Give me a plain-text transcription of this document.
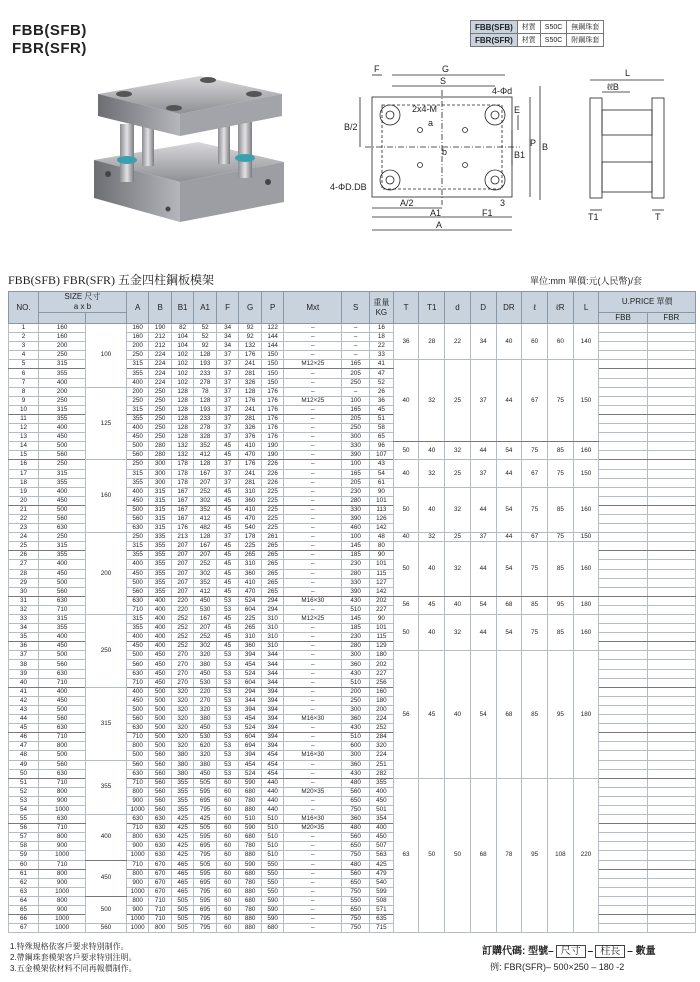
FBB(SFB)
FBR(SFR)
FBB(SFB)	材質	S50C	無鋼珠套
FBR(SFR)	材質	S50C	附鋼珠套
F	G
S
4-Φd
2x4-M
a
E
B/2
b	B1
P B
4-ΦD.DB
A/2
A1	F1
3
A
L
ℓℓB
T1	T
FBB(SFB) FBR(SFR) 五金四柱鋼板模架	單位:mm 單價:元(人民幣)/套
NO.	SIZE 尺寸
a x b		A	B	B1	A1	F	G	P	Mxt	S	重量
KG	T	T1	d	D	DR	ℓ	ℓR	L	U.PRICE 單價	
																					FBB	FBR
1	160	100	160	190	82	52	34	92	122	–	–	16	36	28	22	34	40	60	60	140		
2	160		160	212	104	52	34	92	144	–	–	18										
3	200		200	212	104	92	34	132	144	–	–	22										
4	250		250	224	102	128	37	176	150	–	–	33										
5	315		315	224	102	193	37	241	150	M12×25	165	41	40	32	25	37	44	67	75	150		
6	355		355	224	102	233	37	281	150	–	205	47										
7	400		400	224	102	278	37	326	150	–	250	52										
8	200	125	200	250	128	78	37	128	176	–	–	26										
9	250		250	250	128	128	37	176	176	M12×25	100	36										
10	315		315	250	128	193	37	241	176	–	165	45										
11	355		355	250	128	233	37	281	176	–	205	51										
12	400		400	250	128	278	37	326	176	–	250	58										
13	450		450	250	128	328	37	376	176	–	300	65										
14	500		500	280	132	352	45	410	190	–	330	96	50	40	32	44	54	75	85	160		
15	560		560	280	132	412	45	470	190	–	390	107										
16	250	160	250	300	178	128	37	176	226	–	100	43	40	32	25	37	44	67	75	150		
17	315		315	300	178	167	37	241	226	–	165	54										
18	355		355	300	178	207	37	281	226	–	205	61										
19	400		400	315	167	252	45	310	225	–	230	90	50	40	32	44	54	75	85	160		
20	450		450	315	167	302	45	360	225	–	280	101										
21	500		500	315	167	352	45	410	225	–	330	113										
22	560		560	315	167	412	45	470	225	–	390	126										
23	630		630	315	176	482	45	540	225	–	460	142										
24	250	200	250	335	213	128	37	178	261	–	100	48	40	32	25	37	44	67	75	150		
25	315		315	355	207	167	45	225	265	–	145	80	50	40	32	44	54	75	85	160		
26	355		355	355	207	207	45	265	265	–	185	90										
27	400		400	355	207	252	45	310	265	–	230	101										
28	450		450	355	207	302	45	360	265	–	280	115										
29	500		500	355	207	352	45	410	265	–	330	127										
30	560		560	355	207	412	45	470	265	–	390	142										
31	630		630	400	220	450	53	524	294	M16×30	430	202	56	45	40	54	68	85	95	180		
32	710		710	400	220	530	53	604	294	–	510	227										
33	315	250	315	400	252	167	45	225	310	M12×25	145	90	50	40	32	44	54	75	85	160		
34	355		355	400	252	207	45	265	310	–	185	101										
35	400		400	400	252	252	45	310	310	–	230	115										
36	450		450	400	252	302	45	360	310	–	280	129										
37	500		500	450	270	320	53	394	344	–	300	180	56	45	40	54	68	85	95	180		
38	560		560	450	270	380	53	454	344	–	360	202										
39	630		630	450	270	450	53	524	344	–	430	227										
40	710		710	450	270	530	53	604	344	–	510	256										
41	400	315	400	500	320	220	53	294	394	–	200	160										
42	450		450	500	320	270	53	344	394	–	250	180										
43	500		500	500	320	320	53	394	394	–	300	200										
44	560		560	500	320	380	53	454	394	M16×30	360	224										
45	630		630	500	320	450	53	524	394	–	430	252										
46	710		710	500	320	530	53	604	394	–	510	284										
47	800		800	500	320	620	53	694	394	–	600	320										
48	500		500	560	380	320	53	394	454	M16×30	300	224										
49	560	355	560	560	380	380	53	454	454	–	360	251										
50	630		630	560	380	450	53	524	454	–	430	282										
51	710		710	560	355	505	60	590	440	–	480	355	63	50	50	68	78	95	108	220		
52	800		800	560	355	595	60	680	440	M20×35	560	400										
53	900		900	560	355	695	60	780	440	–	650	450										
54	1000		1000	560	355	795	60	880	440	–	750	501										
55	630	400	630	630	425	425	60	510	510	M16×30	360	354										
56	710		710	630	425	505	60	590	510	M20×35	480	400										
57	800		800	630	425	595	60	680	510	–	560	450										
58	900		900	630	425	695	60	780	510	–	650	507										
59	1000		1000	630	425	795	60	880	510	–	750	563										
60	710	450	710	670	465	505	60	590	550	–	480	425										
61	800		800	670	465	595	60	680	550	–	560	479										
62	900		900	670	465	695	60	780	550	–	650	540										
63	1000		1000	670	465	795	60	880	550	–	750	599										
64	800	500	800	710	505	595	60	680	590	–	550	508										
65	900		900	710	505	695	60	780	590	–	650	571										
66	1000		1000	710	505	795	60	880	590	–	750	635										
67	1000	560	1000	800	505	795	60	880	680	–	750	715										
1.特殊規格依客戶要求特別制作。
2.帶鋼珠套模架客戶要求特別注明。
3.五金模架依材料不同再報價制作。
訂購代碼: 型號– 尺寸 – 柱長 – 數量
例: FBR(SFR)– 500×250 – 180 -2
